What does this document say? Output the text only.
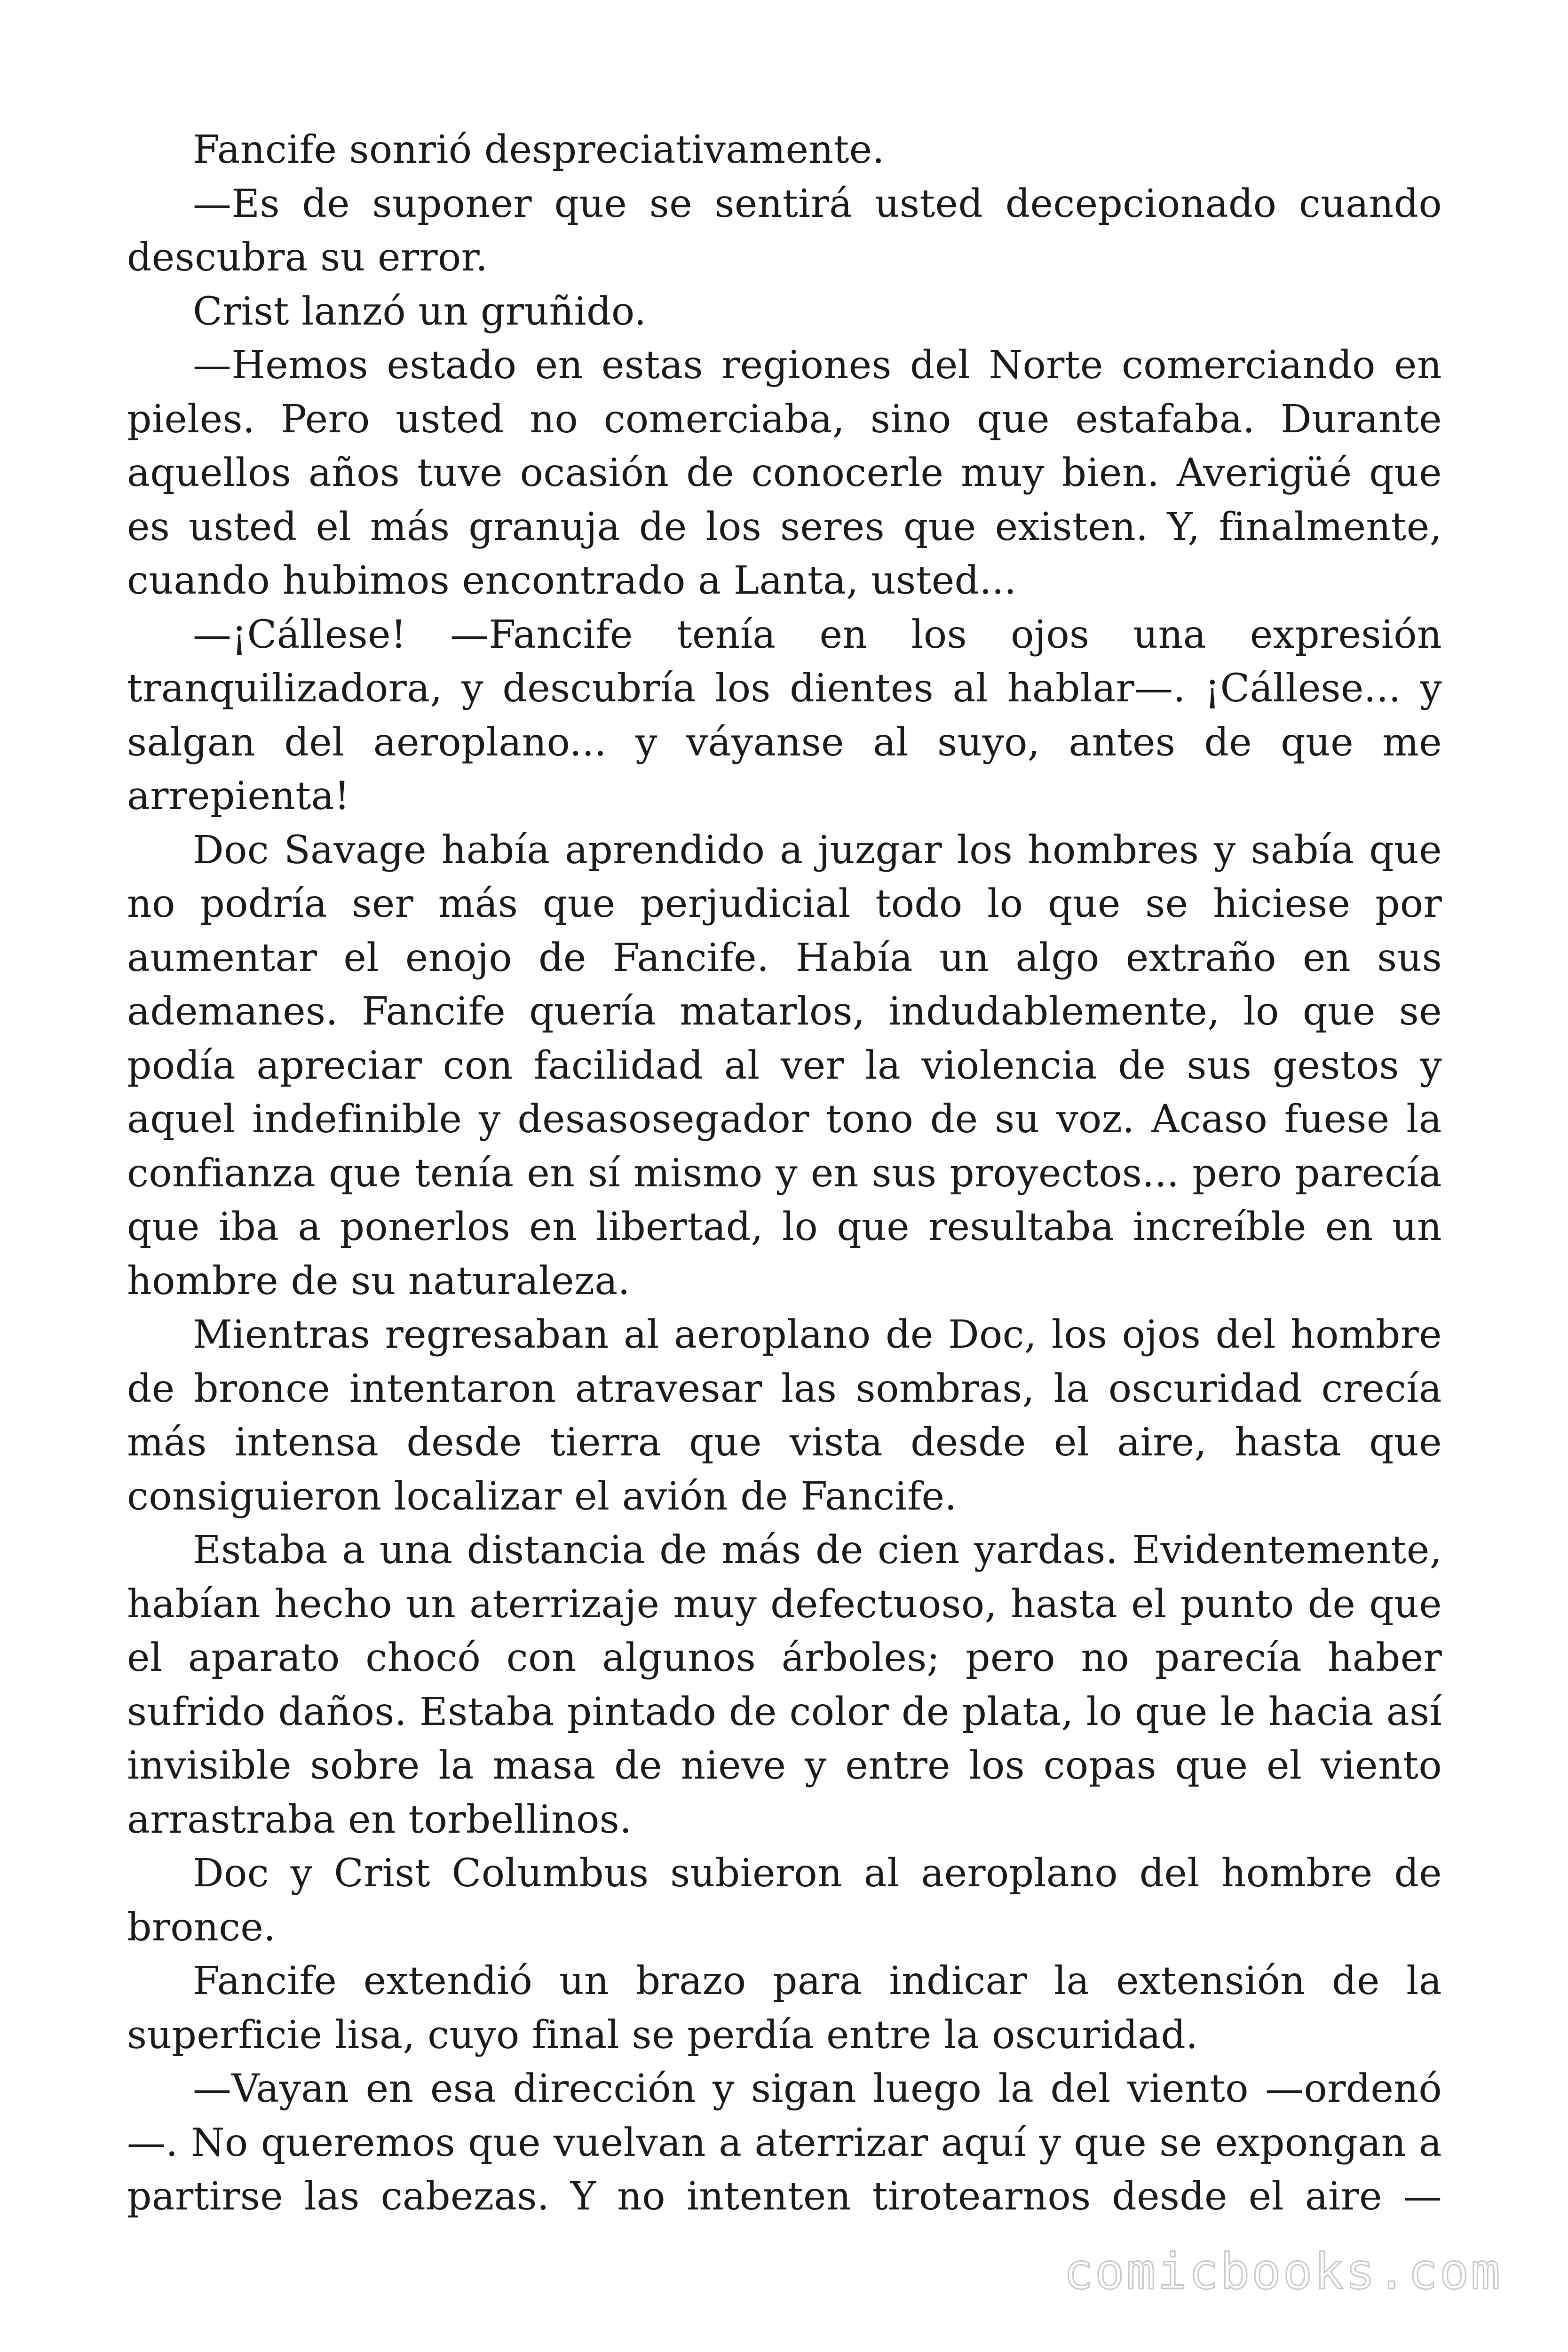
Fancife sonrió despreciativamente.

—Es de suponer que se sentirá usted decepcionado cuando descubra su error.

Crist lanzó un gruñido.

—Hemos estado en estas regiones del Norte comerciando en pieles. Pero usted no comerciaba, sino que estafaba. Durante aquellos años tuve ocasión de conocerle muy bien. Averigüé que es usted el más granuja de los seres que existen. Y, finalmente, cuando hubimos encontrado a Lanta, usted...

—¡Cállese! —Fancife tenía en los ojos una expresión tranquilizadora, y descubría los dientes al hablar—. ¡Cállese... y salgan del aeroplano... y váyanse al suyo, antes de que me arrepienta!

Doc Savage había aprendido a juzgar los hombres y sabía que no podría ser más que perjudicial todo lo que se hiciese por aumentar el enojo de Fancife. Había un algo extraño en sus ademanes. Fancife quería matarlos, indudablemente, lo que se podía apreciar con facilidad al ver la violencia de sus gestos y aquel indefinible y desasosegador tono de su voz. Acaso fuese la confianza que tenía en sí mismo y en sus proyectos... pero parecía que iba a ponerlos en libertad, lo que resultaba increíble en un hombre de su naturaleza.

Mientras regresaban al aeroplano de Doc, los ojos del hombre de bronce intentaron atravesar las sombras, la oscuridad crecía más intensa desde tierra que vista desde el aire, hasta que consiguieron localizar el avión de Fancife.

Estaba a una distancia de más de cien yardas. Evidentemente, habían hecho un aterrizaje muy defectuoso, hasta el punto de que el aparato chocó con algunos árboles; pero no parecía haber sufrido daños. Estaba pintado de color de plata, lo que le hacia así invisible sobre la masa de nieve y entre los copas que el viento arrastraba en torbellinos.

Doc y Crist Columbus subieron al aeroplano del hombre de bronce.

Fancife extendió un brazo para indicar la extensión de la superficie lisa, cuyo final se perdía entre la oscuridad.

—Vayan en esa dirección y sigan luego la del viento —ordenó—. No queremos que vuelvan a aterrizar aquí y que se expongan a partirse las cabezas. Y no intenten tirotearnos desde el aire —

comicbooks.com
